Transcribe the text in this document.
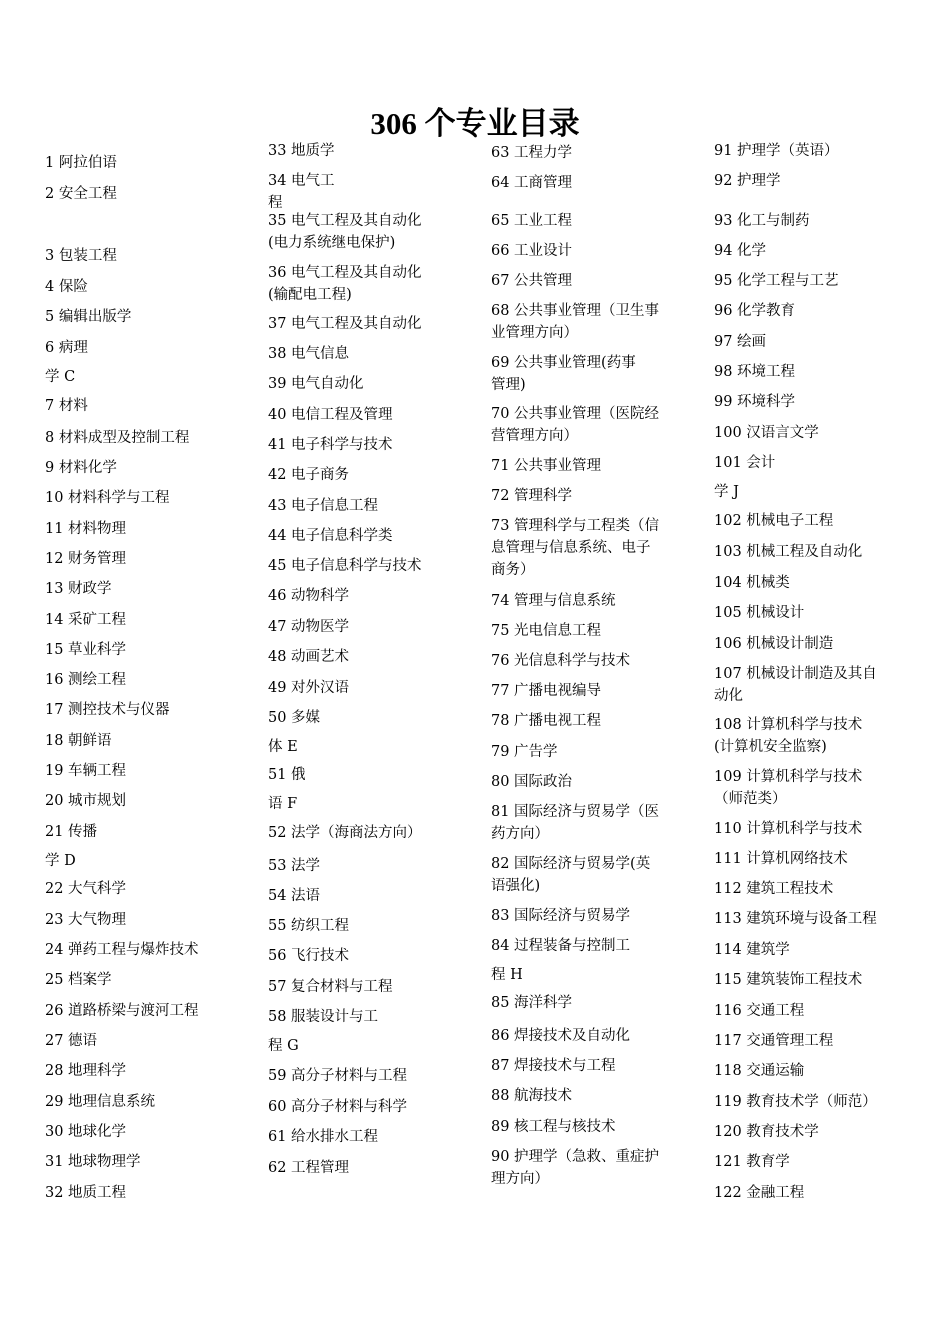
306 个专业目录
1 阿拉伯语
2 安全工程
3 包装工程
4 保险
5 编辑出版学
6 病理
学 C
7 材料
8 材料成型及控制工程
9 材料化学
10 材料科学与工程
11 材料物理
12 财务管理
13 财政学
14 采矿工程
15 草业科学
16 测绘工程
17 测控技术与仪器
18 朝鲜语
19 车辆工程
20 城市规划
21 传播
学 D
22 大气科学
23 大气物理
24 弹药工程与爆炸技术
25 档案学
26 道路桥梁与渡河工程
27 德语
28 地理科学
29 地理信息系统
30 地球化学
31 地球物理学
32 地质工程
33 地质学
34 电气工
程
35 电气工程及其自动化
(电力系统继电保护)
36 电气工程及其自动化
(输配电工程)
37 电气工程及其自动化
38 电气信息
39 电气自动化
40 电信工程及管理
41 电子科学与技术
42 电子商务
43 电子信息工程
44 电子信息科学类
45 电子信息科学与技术
46 动物科学
47 动物医学
48 动画艺术
49 对外汉语
50 多媒
体 E
51 俄
语 F
52 法学（海商法方向）
53 法学
54 法语
55 纺织工程
56 飞行技术
57 复合材料与工程
58 服装设计与工
程 G
59 高分子材料与工程
60 高分子材料与科学
61 给水排水工程
62 工程管理
63 工程力学
64 工商管理
65 工业工程
66 工业设计
67 公共管理
68 公共事业管理（卫生事
业管理方向）
69 公共事业管理(药事
管理)
70 公共事业管理（医院经
营管理方向）
71 公共事业管理
72 管理科学
73 管理科学与工程类（信
息管理与信息系统、电子
商务）
74 管理与信息系统
75 光电信息工程
76 光信息科学与技术
77 广播电视编导
78 广播电视工程
79 广告学
80 国际政治
81 国际经济与贸易学（医
药方向）
82 国际经济与贸易学(英
语强化)
83 国际经济与贸易学
84 过程装备与控制工
程 H
85 海洋科学
86 焊接技术及自动化
87 焊接技术与工程
88 航海技术
89 核工程与核技术
90 护理学（急救、重症护
理方向）
91 护理学（英语）
92 护理学
93 化工与制药
94 化学
95 化学工程与工艺
96 化学教育
97 绘画
98 环境工程
99 环境科学
100 汉语言文学
101 会计
学 J
102 机械电子工程
103 机械工程及自动化
104 机械类
105 机械设计
106 机械设计制造
107 机械设计制造及其自
动化
108 计算机科学与技术
(计算机安全监察)
109 计算机科学与技术
（师范类）
110 计算机科学与技术
111 计算机网络技术
112 建筑工程技术
113 建筑环境与设备工程
114 建筑学
115 建筑装饰工程技术
116 交通工程
117 交通管理工程
118 交通运输
119 教育技术学（师范）
120 教育技术学
121 教育学
122 金融工程
